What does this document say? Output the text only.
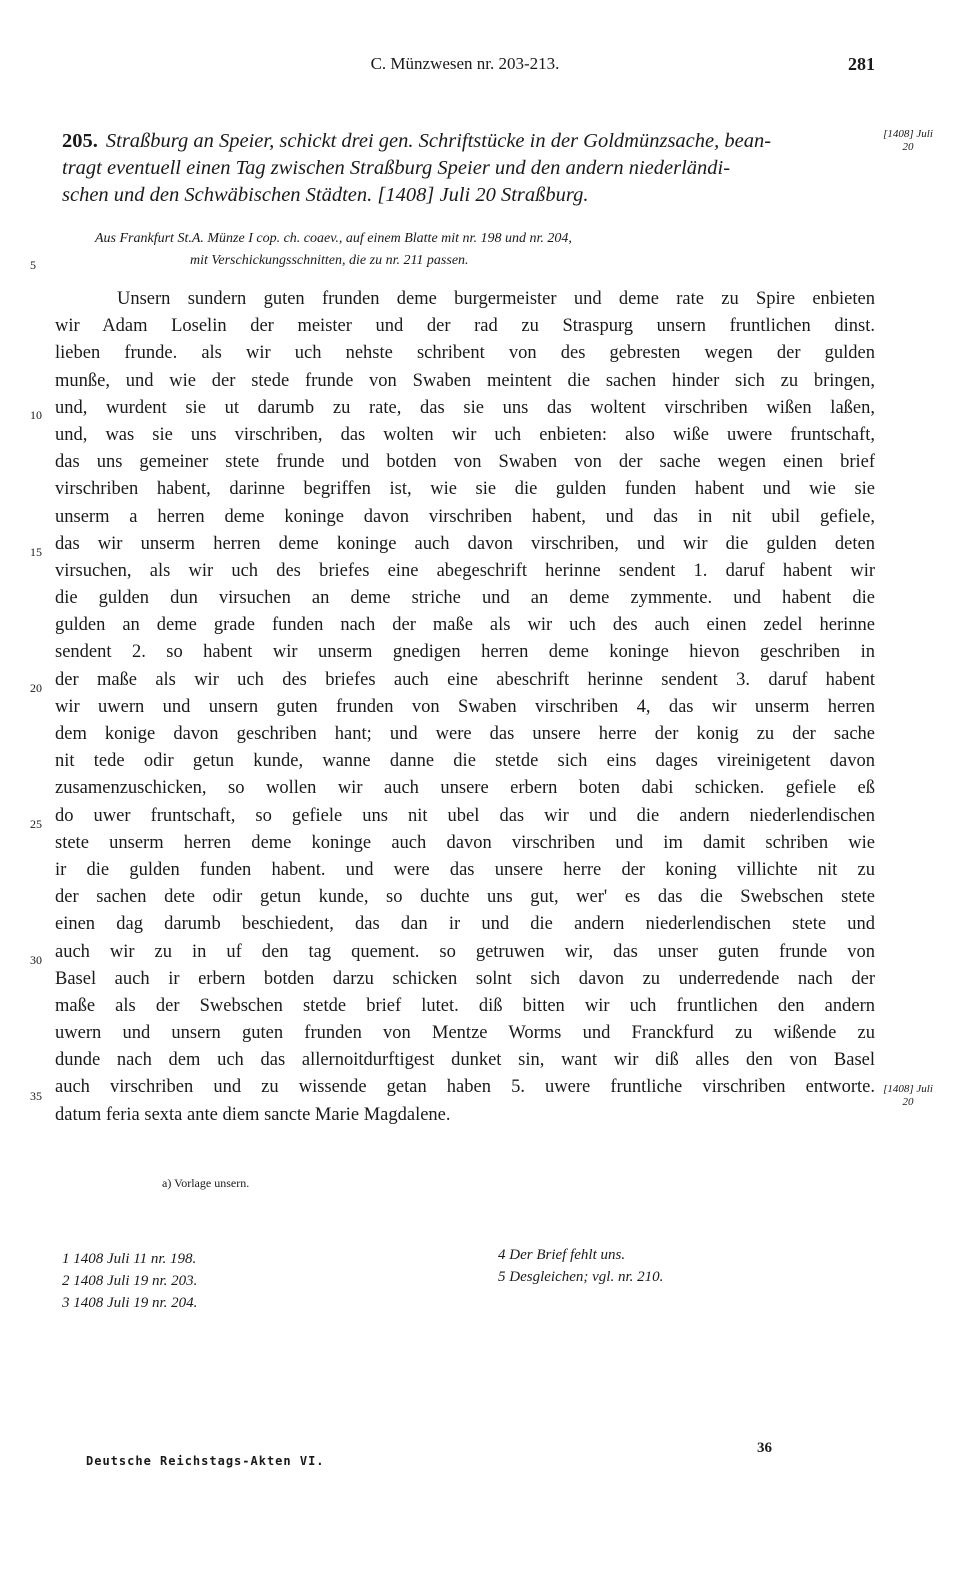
C. Münzwesen nr. 203-213.	281
205. Straßburg an Speier, schickt drei gen. Schriftstücke in der Goldmünzsache, bean-
tragt eventuell einen Tag zwischen Straßburg Speier und den andern niederländi-
schen und den Schwäbischen Städten. [1408] Juli 20 Straßburg.
[1408] Juli 20
Aus Frankfurt St.A. Münze I cop. ch. coaev., auf einem Blatte mit nr. 198 und nr. 204,
mit Verschickungsschnitten, die zu nr. 211 passen.
5
10
15
20
25
30
35
Unsern sundern guten frunden deme burgermeister und deme rate zu Spire enbieten
wir Adam Loselin der meister und der rad zu Straspurg unsern fruntlichen dinst.
lieben frunde. als wir uch nehste schribent von des gebresten wegen der gulden
munße, und wie der stede frunde von Swaben meintent die sachen hinder sich zu bringen,
und, wurdent sie ut darumb zu rate, das sie uns das woltent virschriben wißen laßen,
und, was sie uns virschriben, das wolten wir uch enbieten: also wiße uwere fruntschaft,
das uns gemeiner stete frunde und botden von Swaben von der sache wegen einen brief
virschriben habent, darinne begriffen ist, wie sie die gulden funden habent und wie sie
unserm a herren deme koninge davon virschriben habent, und das in nit ubil gefiele,
das wir unserm herren deme koninge auch davon virschriben, und wir die gulden deten
virsuchen, als wir uch des briefes eine abegeschrift herinne sendent 1. daruf habent wir
die gulden dun virsuchen an deme striche und an deme zymmente. und habent die
gulden an deme grade funden nach der maße als wir uch des auch einen zedel herinne
sendent 2. so habent wir unserm gnedigen herren deme koninge hievon geschriben in
der maße als wir uch des briefes auch eine abeschrift herinne sendent 3. daruf habent
wir uwern und unsern guten frunden von Swaben virschriben 4, das wir unserm herren
dem konige davon geschriben hant; und were das unsere herre der konig zu der sache
nit tede odir getun kunde, wanne danne die stetde sich eins dages vireinigetent davon
zusamenzuschicken, so wollen wir auch unsere erbern boten dabi schicken. gefiele eß
do uwer fruntschaft, so gefiele uns nit ubel das wir und die andern niederlendischen
stete unserm herren deme koninge auch davon virschriben und im damit schriben wie
ir die gulden funden habent. und were das unsere herre der koning villichte nit zu
der sachen dete odir getun kunde, so duchte uns gut, wer' es das die Swebschen stete
einen dag darumb beschiedent, das dan ir und die andern niederlendischen stete und
auch wir zu in uf den tag quement. so getruwen wir, das unser guten frunde von
Basel auch ir erbern botden darzu schicken solnt sich davon zu underredende nach der
maße als der Swebschen stetde brief lutet. diß bitten wir uch fruntlichen den andern
uwern und unsern guten frunden von Mentze Worms und Franckfurd zu wißende zu
dunde nach dem uch das allernoitdurftigest dunket sin, want wir diß alles den von Basel
auch virschriben und zu wissende getan haben 5. uwere fruntliche virschriben entworte.
datum feria sexta ante diem sancte Marie Magdalene.
[1408] Juli 20
a) Vorlage unsern.
1 1408 Juli 11 nr. 198.
2 1408 Juli 19 nr. 203.
3 1408 Juli 19 nr. 204.
4 Der Brief fehlt uns.
5 Desgleichen; vgl. nr. 210.
Deutsche Reichstags-Akten VI.
36
